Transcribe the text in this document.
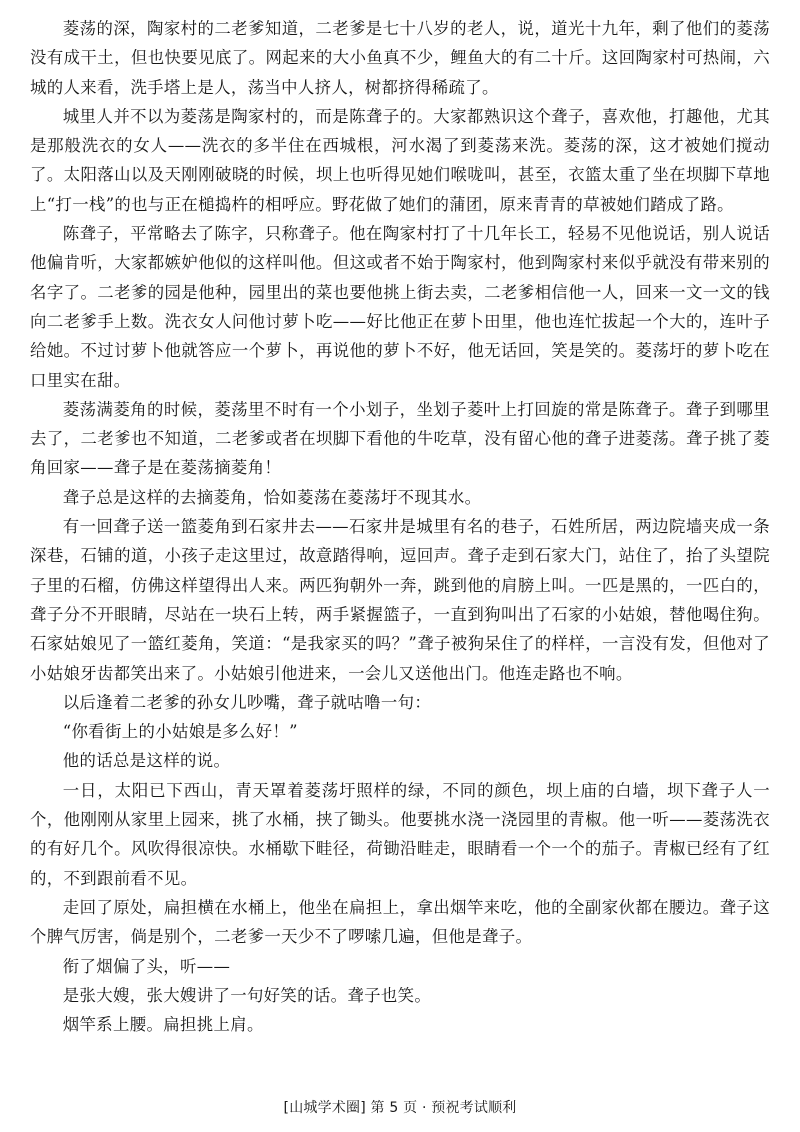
菱荡的深，陶家村的二老爹知道，二老爹是七十八岁的老人，说，道光十九年，剩了他们的菱荡没有成干土，但也快要见底了。网起来的大小鱼真不少，鲤鱼大的有二十斤。这回陶家村可热闹，六城的人来看，洗手塔上是人，荡当中人挤人，树都挤得稀疏了。

城里人并不以为菱荡是陶家村的，而是陈聋子的。大家都熟识这个聋子，喜欢他，打趣他，尤其是那般洗衣的女人——洗衣的多半住在西城根，河水渴了到菱荡来洗。菱荡的深，这才被她们搅动了。太阳落山以及天刚刚破晓的时候，坝上也听得见她们喉咙叫，甚至，衣篮太重了坐在坝脚下草地上“打一栈”的也与正在槌捣杵的相呼应。野花做了她们的蒲团，原来青青的草被她们踏成了路。

陈聋子，平常略去了陈字，只称聋子。他在陶家村打了十几年长工，轻易不见他说话，别人说话他偏肯听，大家都嫉妒他似的这样叫他。但这或者不始于陶家村，他到陶家村来似乎就没有带来别的名字了。二老爹的园是他种，园里出的菜也要他挑上街去卖，二老爹相信他一人，回来一文一文的钱向二老爹手上数。洗衣女人问他讨萝卜吃——好比他正在萝卜田里，他也连忙拔起一个大的，连叶子给她。不过讨萝卜他就答应一个萝卜，再说他的萝卜不好，他无话回，笑是笑的。菱荡圩的萝卜吃在口里实在甜。

菱荡满菱角的时候，菱荡里不时有一个小划子，坐划子菱叶上打回旋的常是陈聋子。聋子到哪里去了，二老爹也不知道，二老爹或者在坝脚下看他的牛吃草，没有留心他的聋子进菱荡。聋子挑了菱角回家——聋子是在菱荡摘菱角！

聋子总是这样的去摘菱角，恰如菱荡在菱荡圩不现其水。

有一回聋子送一篮菱角到石家井去——石家井是城里有名的巷子，石姓所居，两边院墙夹成一条深巷，石铺的道，小孩子走这里过，故意踏得响，逗回声。聋子走到石家大门，站住了，抬了头望院子里的石榴，仿佛这样望得出人来。两匹狗朝外一奔，跳到他的肩膀上叫。一匹是黑的，一匹白的，聋子分不开眼睛，尽站在一块石上转，两手紧握篮子，一直到狗叫出了石家的小姑娘，替他喝住狗。石家姑娘见了一篮红菱角，笑道：“是我家买的吗？”聋子被狗呆住了的样样，一言没有发，但他对了小姑娘牙齿都笑出来了。小姑娘引他进来，一会儿又送他出门。他连走路也不响。

以后逢着二老爹的孙女儿吵嘴，聋子就咕噜一句：

“你看街上的小姑娘是多么好！”

他的话总是这样的说。

一日，太阳已下西山，青天罩着菱荡圩照样的绿，不同的颜色，坝上庙的白墙，坝下聋子人一个，他刚刚从家里上园来，挑了水桶，挟了锄头。他要挑水浇一浇园里的青椒。他一听——菱荡洗衣的有好几个。风吹得很凉快。水桶歇下畦径，荷锄沿畦走，眼睛看一个一个的茄子。青椒已经有了红的，不到跟前看不见。

走回了原处，扁担横在水桶上，他坐在扁担上，拿出烟竿来吃，他的全副家伙都在腰边。聋子这个脾气厉害，倘是别个，二老爹一天少不了啰嗦几遍，但他是聋子。

衔了烟偏了头，听——

是张大嫂，张大嫂讲了一句好笑的话。聋子也笑。

烟竿系上腰。扁担挑上肩。

[山城学术圈] 第 5 页 · 预祝考试顺利
